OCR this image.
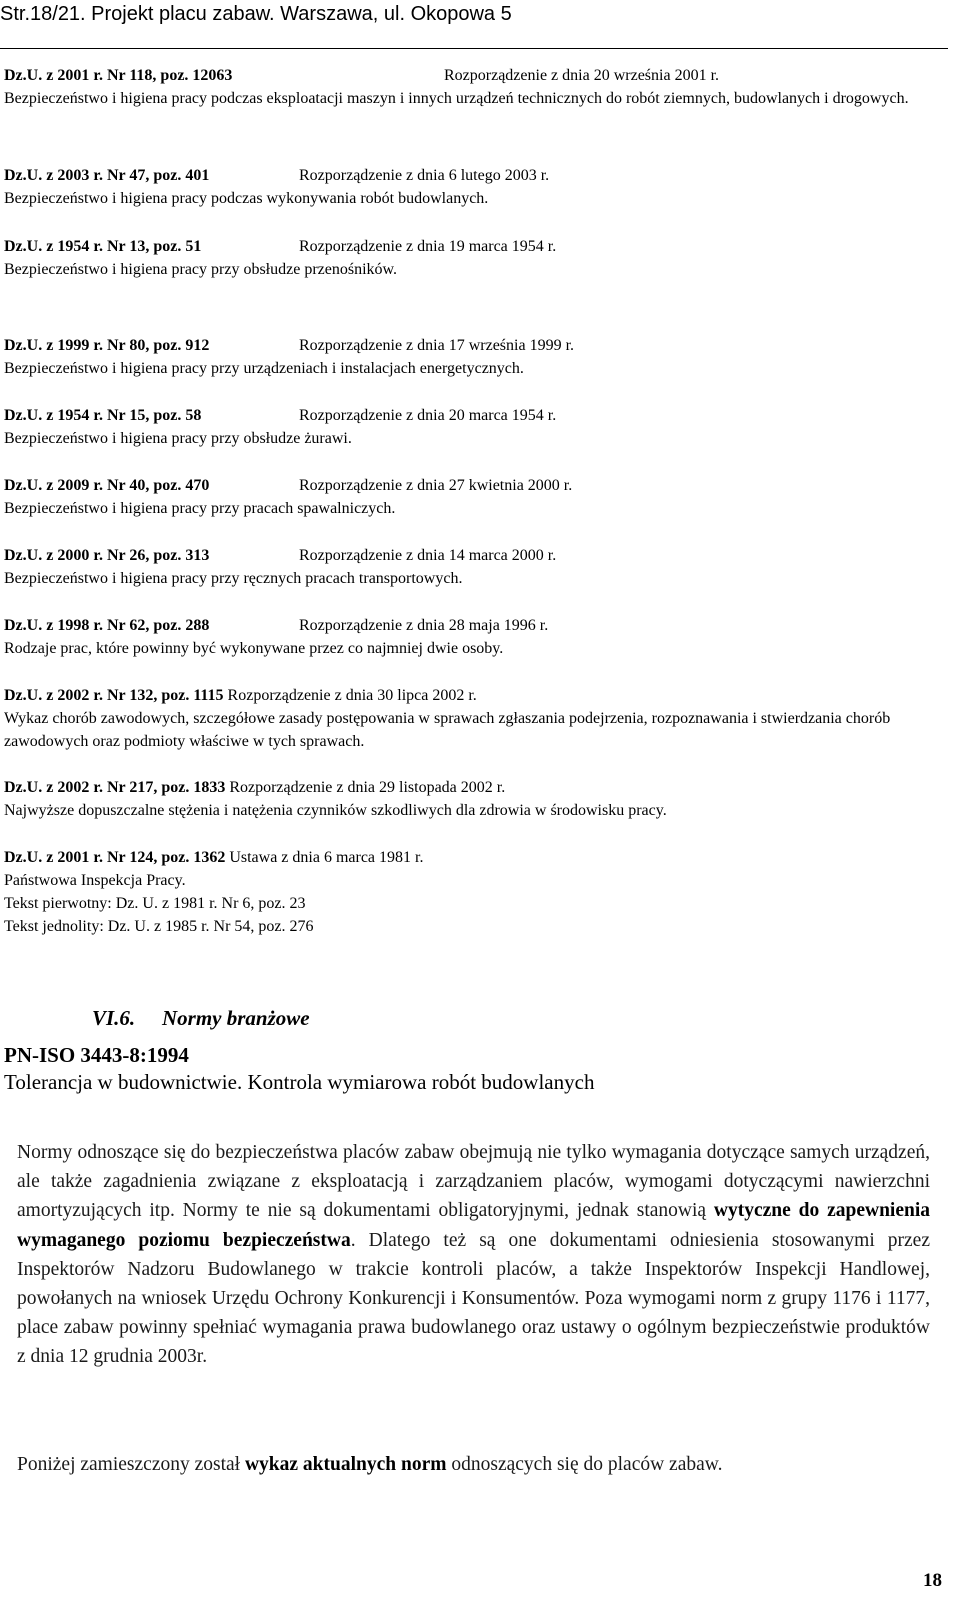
Str.18/21. Projekt placu zabaw. Warszawa, ul. Okopowa 5
Dz.U. z 2001 r. Nr 118, poz. 12063	Rozporządzenie z dnia 20 września 2001 r.
Bezpieczeństwo i higiena pracy podczas eksploatacji maszyn i innych urządzeń technicznych do robót ziemnych, budowlanych i drogowych.
Dz.U. z 2003 r. Nr 47, poz. 401	Rozporządzenie z dnia 6 lutego 2003 r.
Bezpieczeństwo i higiena pracy podczas wykonywania robót budowlanych.
Dz.U. z 1954 r. Nr 13, poz. 51	Rozporządzenie z dnia 19 marca 1954 r.
Bezpieczeństwo i higiena pracy przy obsłudze przenośników.
Dz.U. z 1999 r. Nr 80, poz. 912	Rozporządzenie z dnia 17 września 1999 r.
Bezpieczeństwo i higiena pracy przy urządzeniach i instalacjach energetycznych.
Dz.U. z 1954 r. Nr 15, poz. 58	Rozporządzenie z dnia 20 marca 1954 r.
Bezpieczeństwo i higiena pracy przy obsłudze żurawi.
Dz.U. z 2009 r. Nr 40, poz. 470	Rozporządzenie z dnia 27 kwietnia 2000 r.
Bezpieczeństwo i higiena pracy przy pracach spawalniczych.
Dz.U. z 2000 r. Nr 26, poz. 313	Rozporządzenie z dnia 14 marca 2000 r.
Bezpieczeństwo i higiena pracy przy ręcznych pracach transportowych.
Dz.U. z 1998 r. Nr 62, poz. 288	Rozporządzenie z dnia 28 maja 1996 r.
Rodzaje prac, które powinny być wykonywane przez co najmniej dwie osoby.
Dz.U. z 2002 r. Nr 132, poz. 1115 Rozporządzenie z dnia 30 lipca 2002 r.
Wykaz chorób zawodowych, szczegółowe zasady postępowania w sprawach zgłaszania podejrzenia, rozpoznawania i stwierdzania chorób zawodowych oraz podmioty właściwe w tych sprawach.
Dz.U. z 2002 r. Nr 217, poz. 1833 Rozporządzenie z dnia 29 listopada 2002 r.
Najwyższe dopuszczalne stężenia i natężenia czynników szkodliwych dla zdrowia w środowisku pracy.
Dz.U. z 2001 r. Nr 124, poz. 1362 Ustawa z dnia 6 marca 1981 r.
Państwowa Inspekcja Pracy.
Tekst pierwotny: Dz. U. z 1981 r. Nr 6, poz. 23
Tekst jednolity: Dz. U. z 1985 r. Nr 54, poz. 276
VI.6. Normy branżowe
PN-ISO 3443-8:1994
Tolerancja w budownictwie. Kontrola wymiarowa robót budowlanych
Normy odnoszące się do bezpieczeństwa placów zabaw obejmują nie tylko wymagania dotyczące samych urządzeń, ale także zagadnienia związane z eksploatacją i zarządzaniem placów, wymogami dotyczącymi nawierzchni amortyzujących itp. Normy te nie są dokumentami obligatoryjnymi, jednak stanowią wytyczne do zapewnienia wymaganego poziomu bezpieczeństwa. Dlatego też są one dokumentami odniesienia stosowanymi przez Inspektorów Nadzoru Budowlanego w trakcie kontroli placów, a także Inspektorów Inspekcji Handlowej, powołanych na wniosek Urzędu Ochrony Konkurencji i Konsumentów. Poza wymogami norm z grupy 1176 i 1177, place zabaw powinny spełniać wymagania prawa budowlanego oraz ustawy o ogólnym bezpieczeństwie produktów z dnia 12 grudnia 2003r.
Poniżej zamieszczony został wykaz aktualnych norm odnoszących się do placów zabaw.
18
